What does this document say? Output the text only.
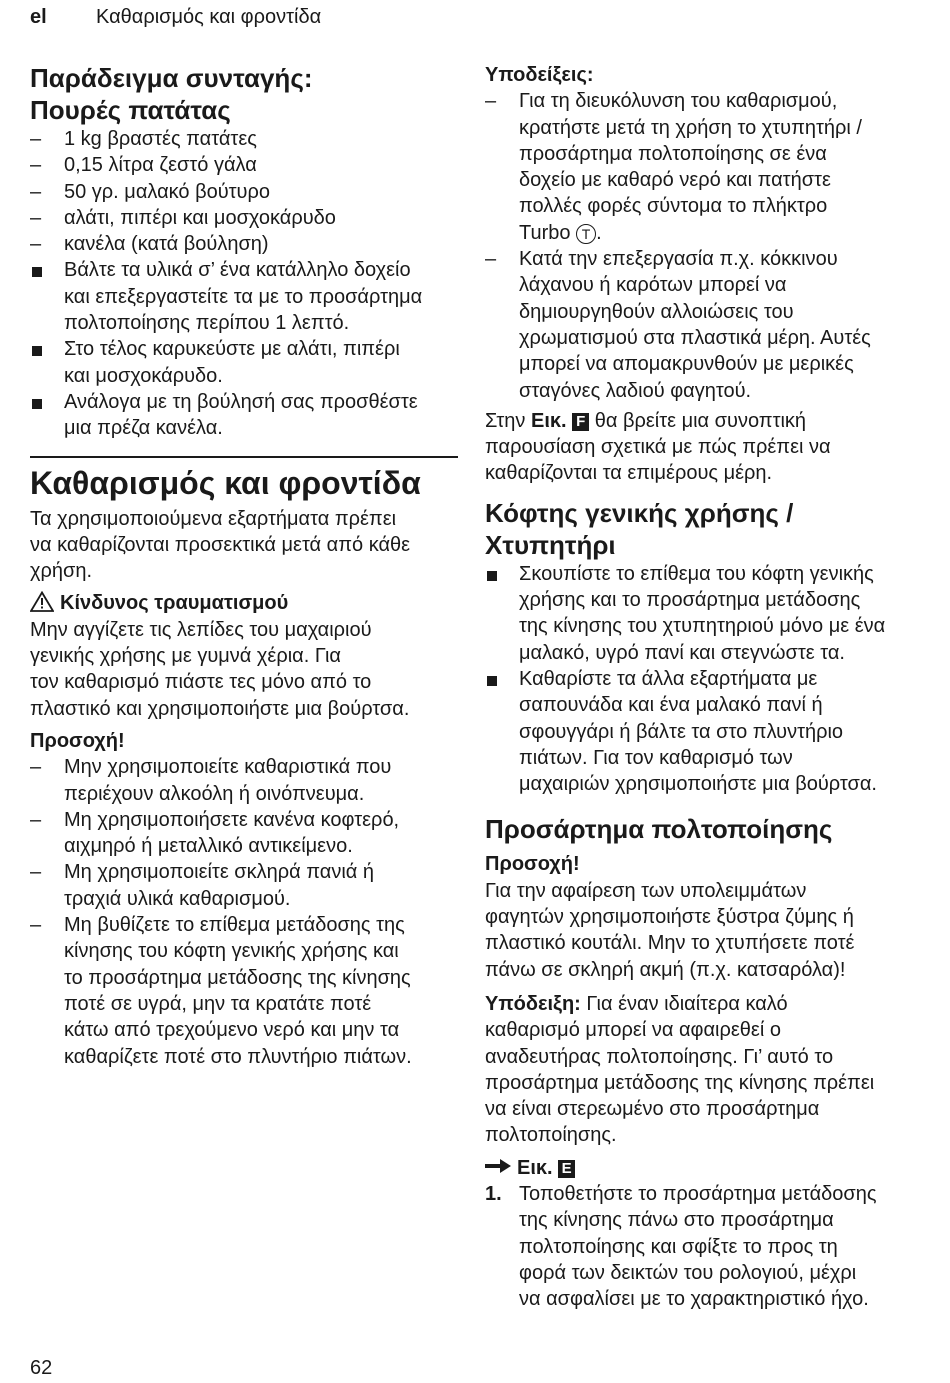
el Καθαρισμός και φροντίδα

Παράδειγμα συνταγής:
Πουρές πατάτας

–	1 kg βραστές πατάτες
–	0,15 λίτρα ζεστό γάλα
–	50 γρ. μαλακό βούτυρο
–	αλάτι, πιπέρι και μοσχοκάρυδο
–	κανέλα (κατά βούληση)
Βάλτε τα υλικά σ’ ένα κατάλληλο δοχείο
και επεξεργαστείτε τα με το προσάρτημα
πολτοποίησης περίπου 1 λεπτό.
Στο τέλος καρυκεύστε με αλάτι, πιπέρι
και μοσχοκάρυδο.
Ανάλογα με τη βούλησή σας προσθέστε
μια πρέζα κανέλα.

Καθαρισμός και φροντίδα

Τα χρησιμοποιούμενα εξαρτήματα πρέπει
να καθαρίζονται προσεκτικά μετά από κάθε
χρήση.

Κίνδυνος τραυματισμού

Μην αγγίζετε τις λεπίδες του μαχαιριού
γενικής χρήσης με γυμνά χέρια. Για
τον καθαρισμό πιάστε τες μόνο από το
πλαστικό και χρησιμοποιήστε μια βούρτσα.

Προσοχή!

–	Μην χρησιμοποιείτε καθαριστικά που
περιέχουν αλκοόλη ή οινόπνευμα.
–	Μη χρησιμοποιήσετε κανένα κοφτερό,
αιχμηρό ή μεταλλικό αντικείμενο.
–	Μη χρησιμοποιείτε σκληρά πανιά ή
τραχιά υλικά καθαρισμού.
–	Μη βυθίζετε το επίθεμα μετάδοσης της
κίνησης του κόφτη γενικής χρήσης και
το προσάρτημα μετάδοσης της κίνησης
ποτέ σε υγρά, μην τα κρατάτε ποτέ
κάτω από τρεχούμενο νερό και μην τα
καθαρίζετε ποτέ στο πλυντήριο πιάτων.

Υποδείξεις:

–	Για τη διευκόλυνση του καθαρισμού,
κρατήστε μετά τη χρήση το χτυπητήρι /
προσάρτημα πολτοποίησης σε ένα
δοχείο με καθαρό νερό και πατήστε
πολλές φορές σύντομα το πλήκτρο
Turbo T .
–	Κατά την επεξεργασία π.χ. κόκκινου
λάχανου ή καρότων μπορεί να
δημιουργηθούν αλλοιώσεις του
χρωματισμού στα πλαστικά μέρη. Αυτές
μπορεί να απομακρυνθούν με μερικές
σταγόνες λαδιού φαγητού.

Στην Εικ. F θα βρείτε μια συνοπτική
παρουσίαση σχετικά με πώς πρέπει να
καθαρίζονται τα επιμέρους μέρη.

Κόφτης γενικής χρήσης /
Χτυπητήρι

Σκουπίστε το επίθεμα του κόφτη γενικής
χρήσης και το προσάρτημα μετάδοσης
της κίνησης του χτυπητηριού μόνο με ένα
μαλακό, υγρό πανί και στεγνώστε τα.
Καθαρίστε τα άλλα εξαρτήματα με
σαπουνάδα και ένα μαλακό πανί ή
σφουγγάρι ή βάλτε τα στο πλυντήριο
πιάτων. Για τον καθαρισμό των
μαχαιριών χρησιμοποιήστε μια βούρτσα.

Προσάρτημα πολτοποίησης

Προσοχή!

Για την αφαίρεση των υπολειμμάτων
φαγητών χρησιμοποιήστε ξύστρα ζύμης ή
πλαστικό κουτάλι. Μην το χτυπήσετε ποτέ
πάνω σε σκληρή ακμή (π.χ. κατσαρόλα)!

Υπόδειξη: Για έναν ιδιαίτερα καλό
καθαρισμό μπορεί να αφαιρεθεί ο
αναδευτήρας πολτοποίησης. Γι’ αυτό το
προσάρτημα μετάδοσης της κίνησης πρέπει
να είναι στερεωμένο στο προσάρτημα
πολτοποίησης.

Εικ. E

1. Τοποθετήστε το προσάρτημα μετάδοσης
της κίνησης πάνω στο προσάρτημα
πολτοποίησης και σφίξτε το προς τη
φορά των δεικτών του ρολογιού, μέχρι
να ασφαλίσει με το χαρακτηριστικό ήχο.
62
